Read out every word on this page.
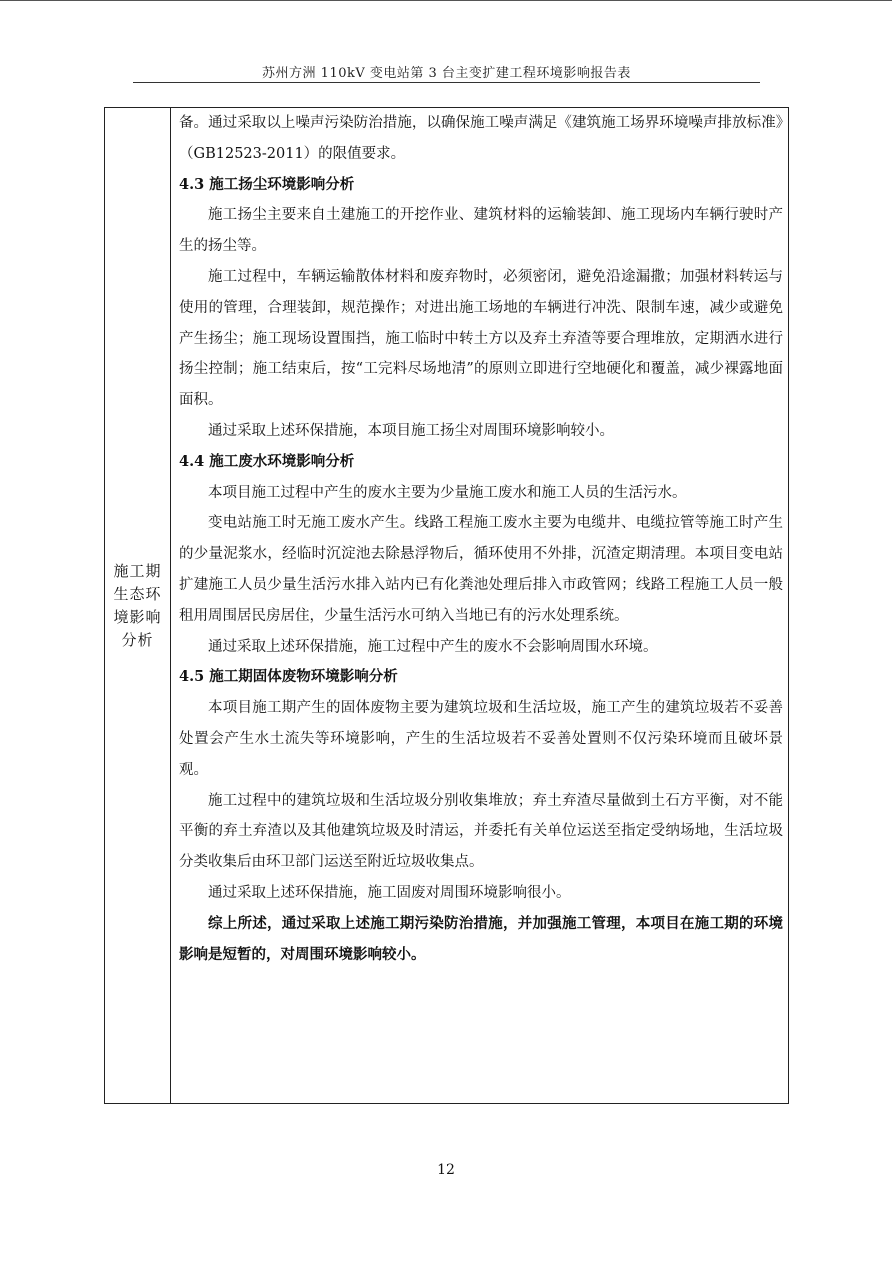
苏州方洲 110kV 变电站第 3 台主变扩建工程环境影响报告表
施工期生态环境影响分析

备。通过采取以上噪声污染防治措施，以确保施工噪声满足《建筑施工场界环境噪声排放标准》（GB12523-2011）的限值要求。

4.3 施工扬尘环境影响分析

施工扬尘主要来自土建施工的开挖作业、建筑材料的运输装卸、施工现场内车辆行驶时产生的扬尘等。

施工过程中，车辆运输散体材料和废弃物时，必须密闭，避免沿途漏撒；加强材料转运与使用的管理，合理装卸，规范操作；对进出施工场地的车辆进行冲洗、限制车速，减少或避免产生扬尘；施工现场设置围挡，施工临时中转土方以及弃土弃渣等要合理堆放，定期洒水进行扬尘控制；施工结束后，按“工完料尽场地清”的原则立即进行空地硬化和覆盖，减少裸露地面面积。

通过采取上述环保措施，本项目施工扬尘对周围环境影响较小。

4.4 施工废水环境影响分析

本项目施工过程中产生的废水主要为少量施工废水和施工人员的生活污水。

变电站施工时无施工废水产生。线路工程施工废水主要为电缆井、电缆拉管等施工时产生的少量泥浆水，经临时沉淀池去除悬浮物后，循环使用不外排，沉渣定期清理。本项目变电站扩建施工人员少量生活污水排入站内已有化粪池处理后排入市政管网；线路工程施工人员一般租用周围居民房居住，少量生活污水可纳入当地已有的污水处理系统。

通过采取上述环保措施，施工过程中产生的废水不会影响周围水环境。

4.5 施工期固体废物环境影响分析

本项目施工期产生的固体废物主要为建筑垃圾和生活垃圾，施工产生的建筑垃圾若不妥善处置会产生水土流失等环境影响，产生的生活垃圾若不妥善处置则不仅污染环境而且破坏景观。

施工过程中的建筑垃圾和生活垃圾分别收集堆放；弃土弃渣尽量做到土石方平衡，对不能平衡的弃土弃渣以及其他建筑垃圾及时清运，并委托有关单位运送至指定受纳场地，生活垃圾分类收集后由环卫部门运送至附近垃圾收集点。

通过采取上述环保措施，施工固废对周围环境影响很小。

综上所述，通过采取上述施工期污染防治措施，并加强施工管理，本项目在施工期的环境影响是短暂的，对周围环境影响较小。

12
